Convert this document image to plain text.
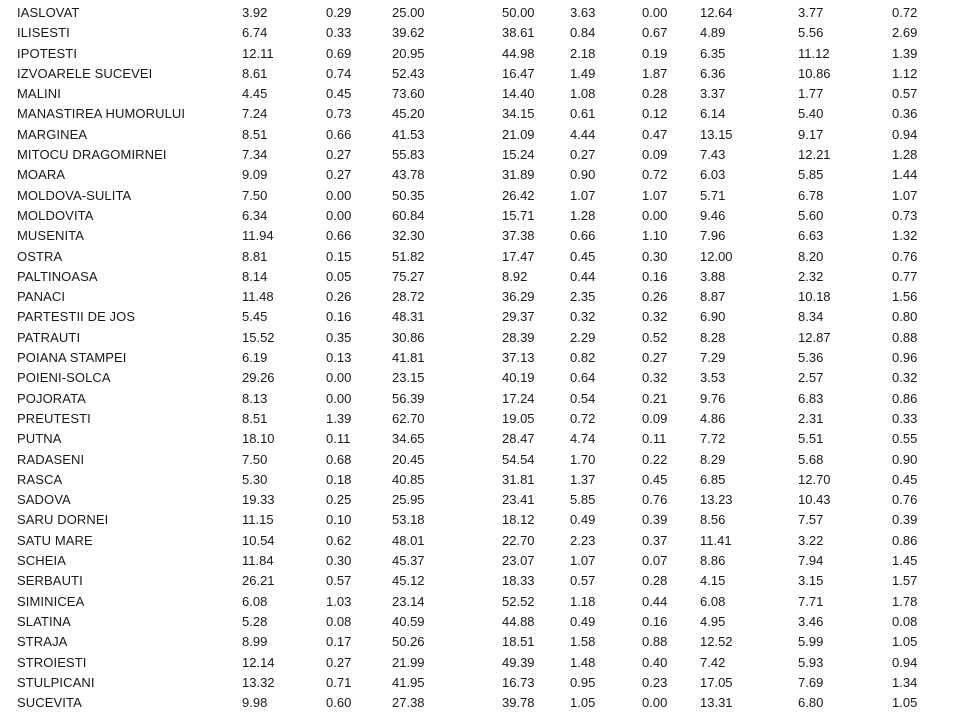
IASLOVAT	3.92	0.29	25.00	50.00	3.63	0.00	12.64	3.77	0.72
ILISESTI	6.74	0.33	39.62	38.61	0.84	0.67	4.89	5.56	2.69
IPOTESTI	12.11	0.69	20.95	44.98	2.18	0.19	6.35	11.12	1.39
IZVOARELE SUCEVEI	8.61	0.74	52.43	16.47	1.49	1.87	6.36	10.86	1.12
MALINI	4.45	0.45	73.60	14.40	1.08	0.28	3.37	1.77	0.57
MANASTIREA HUMORULUI	7.24	0.73	45.20	34.15	0.61	0.12	6.14	5.40	0.36
MARGINEA	8.51	0.66	41.53	21.09	4.44	0.47	13.15	9.17	0.94
MITOCU DRAGOMIRNEI	7.34	0.27	55.83	15.24	0.27	0.09	7.43	12.21	1.28
MOARA	9.09	0.27	43.78	31.89	0.90	0.72	6.03	5.85	1.44
MOLDOVA-SULITA	7.50	0.00	50.35	26.42	1.07	1.07	5.71	6.78	1.07
MOLDOVITA	6.34	0.00	60.84	15.71	1.28	0.00	9.46	5.60	0.73
MUSENITA	11.94	0.66	32.30	37.38	0.66	1.10	7.96	6.63	1.32
OSTRA	8.81	0.15	51.82	17.47	0.45	0.30	12.00	8.20	0.76
PALTINOASA	8.14	0.05	75.27	8.92	0.44	0.16	3.88	2.32	0.77
PANACI	11.48	0.26	28.72	36.29	2.35	0.26	8.87	10.18	1.56
PARTESTII DE JOS	5.45	0.16	48.31	29.37	0.32	0.32	6.90	8.34	0.80
PATRAUTI	15.52	0.35	30.86	28.39	2.29	0.52	8.28	12.87	0.88
POIANA STAMPEI	6.19	0.13	41.81	37.13	0.82	0.27	7.29	5.36	0.96
POIENI-SOLCA	29.26	0.00	23.15	40.19	0.64	0.32	3.53	2.57	0.32
POJORATA	8.13	0.00	56.39	17.24	0.54	0.21	9.76	6.83	0.86
PREUTESTI	8.51	1.39	62.70	19.05	0.72	0.09	4.86	2.31	0.33
PUTNA	18.10	0.11	34.65	28.47	4.74	0.11	7.72	5.51	0.55
RADASENI	7.50	0.68	20.45	54.54	1.70	0.22	8.29	5.68	0.90
RASCA	5.30	0.18	40.85	31.81	1.37	0.45	6.85	12.70	0.45
SADOVA	19.33	0.25	25.95	23.41	5.85	0.76	13.23	10.43	0.76
SARU DORNEI	11.15	0.10	53.18	18.12	0.49	0.39	8.56	7.57	0.39
SATU MARE	10.54	0.62	48.01	22.70	2.23	0.37	11.41	3.22	0.86
SCHEIA	11.84	0.30	45.37	23.07	1.07	0.07	8.86	7.94	1.45
SERBAUTI	26.21	0.57	45.12	18.33	0.57	0.28	4.15	3.15	1.57
SIMINICEA	6.08	1.03	23.14	52.52	1.18	0.44	6.08	7.71	1.78
SLATINA	5.28	0.08	40.59	44.88	0.49	0.16	4.95	3.46	0.08
STRAJA	8.99	0.17	50.26	18.51	1.58	0.88	12.52	5.99	1.05
STROIESTI	12.14	0.27	21.99	49.39	1.48	0.40	7.42	5.93	0.94
STULPICANI	13.32	0.71	41.95	16.73	0.95	0.23	17.05	7.69	1.34
SUCEVITA	9.98	0.60	27.38	39.78	1.05	0.00	13.31	6.80	1.05
